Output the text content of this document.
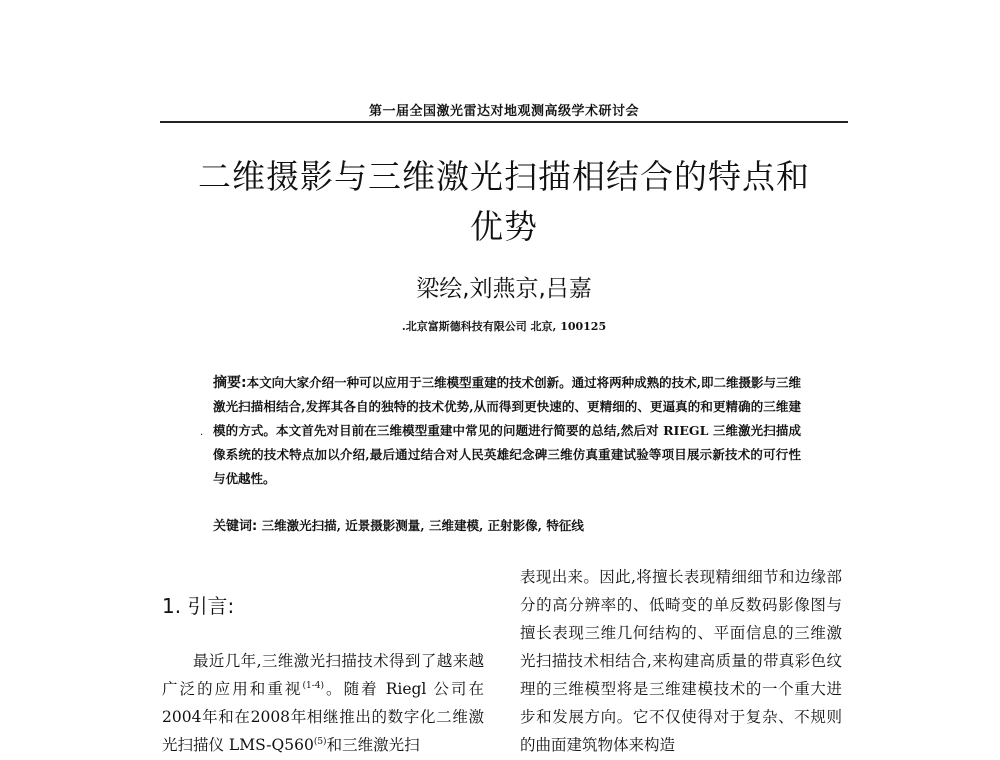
第一届全国激光雷达对地观测高级学术研讨会
二维摄影与三维激光扫描相结合的特点和
优势
梁绘,刘燕京,吕嘉
.北京富斯德科技有限公司 北京, 100125
·
摘要:本文向大家介绍一种可以应用于三维模型重建的技术创新。通过将两种成熟的技术,即二维摄影与三维激光扫描相结合,发挥其各自的独特的技术优势,从而得到更快速的、更精细的、更逼真的和更精确的三维建模的方式。本文首先对目前在三维模型重建中常见的问题进行简要的总结,然后对 RIEGL 三维激光扫描成像系统的技术特点加以介绍,最后通过结合对人民英雄纪念碑三维仿真重建试验等项目展示新技术的可行性与优越性。
关键词: 三维激光扫描, 近景摄影测量, 三维建模, 正射影像, 特征线
1. 引言:
最近几年,三维激光扫描技术得到了越来越广泛的应用和重视$^{(1-4)}$。随着 Riegl 公司在2004年和在2008年相继推出的数字化二维激光扫描仪 LMS-Q560$^{(5)}$和三维激光扫
表现出来。因此,将擅长表现精细细节和边缘部分的高分辨率的、低畸变的单反数码影像图与擅长表现三维几何结构的、平面信息的三维激光扫描技术相结合,来构建高质量的带真彩色纹理的三维模型将是三维建模技术的一个重大进步和发展方向。它不仅使得对于复杂、不规则的曲面建筑物体来构造
